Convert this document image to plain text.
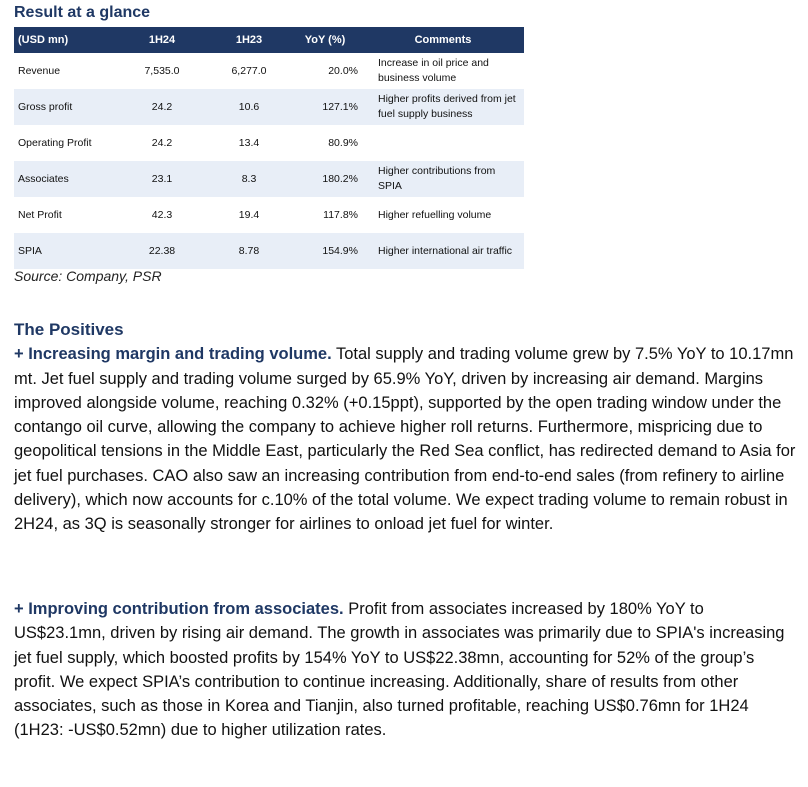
Result at a glance
(USD mn)	1H24	1H23	YoY (%)	Comments
Revenue	7,535.0	6,277.0	20.0%	Increase in oil price and business volume
Gross profit	24.2	10.6	127.1%	Higher profits derived from jet fuel supply business
Operating Profit	24.2	13.4	80.9%	
Associates	23.1	8.3	180.2%	Higher contributions from SPIA
Net Profit	42.3	19.4	117.8%	Higher refuelling volume
SPIA	22.38	8.78	154.9%	Higher international air traffic

Source: Company, PSR

The Positives

+ Increasing margin and trading volume. Total supply and trading volume grew by 7.5% YoY to 10.17mn mt. Jet fuel supply and trading volume surged by 65.9% YoY, driven by increasing air demand. Margins improved alongside volume, reaching 0.32% (+0.15ppt), supported by the open trading window under the contango oil curve, allowing the company to achieve higher roll returns. Furthermore, mispricing due to geopolitical tensions in the Middle East, particularly the Red Sea conflict, has redirected demand to Asia for jet fuel purchases. CAO also saw an increasing contribution from end-to-end sales (from refinery to airline delivery), which now accounts for c.10% of the total volume. We expect trading volume to remain robust in 2H24, as 3Q is seasonally stronger for airlines to onload jet fuel for winter.

+ Improving contribution from associates. Profit from associates increased by 180% YoY to US$23.1mn, driven by rising air demand. The growth in associates was primarily due to SPIA's increasing jet fuel supply, which boosted profits by 154% YoY to US$22.38mn, accounting for 52% of the group’s profit. We expect SPIA’s contribution to continue increasing. Additionally, share of results from other associates, such as those in Korea and Tianjin, also turned profitable, reaching US$0.76mn for 1H24 (1H23: -US$0.52mn) due to higher utilization rates.
